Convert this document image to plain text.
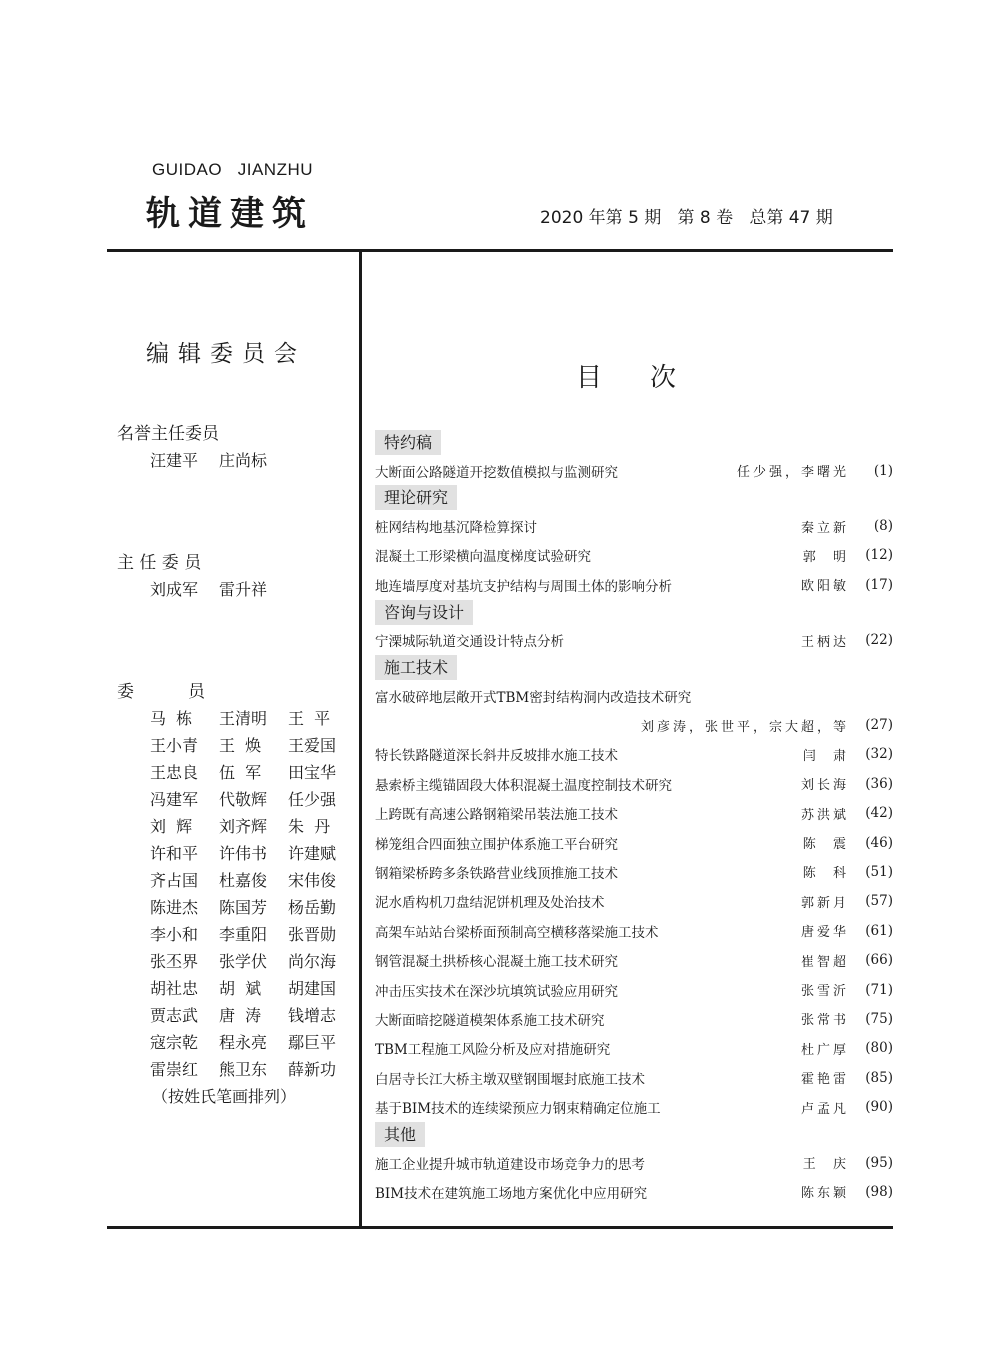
GUIDAO   JIANZHU
轨道建筑	2020 年第 5 期   第 8 卷   总第 47 期
编辑委员会
名誉主任委员
汪建平	庄尚标
主 任 委 员
刘成军	雷升祥
委          员
马  栋	王清明	王  平
王小青	王  焕	王爱国
王忠良	伍  军	田宝华
冯建军	代敬辉	任少强
刘  辉	刘齐辉	朱  丹
许和平	许伟书	许建赋
齐占国	杜嘉俊	宋伟俊
陈进杰	陈国芳	杨岳勤
李小和	李重阳	张晋勋
张丕界	张学伏	尚尔海
胡社忠	胡  斌	胡建国
贾志武	唐  涛	钱增志
寇宗乾	程永亮	鄢巨平
雷崇红	熊卫东	薛新功
（按姓氏笔画排列）
目次
特约稿
大断面公路隧道开挖数值模拟与监测研究	任少强，李曙光	(1)
理论研究
桩网结构地基沉降检算探讨	秦立新	(8)
混凝土工形梁横向温度梯度试验研究	郭  明	(12)
地连墙厚度对基坑支护结构与周围土体的影响分析	欧阳敏	(17)
咨询与设计
宁溧城际轨道交通设计特点分析	王柄达	(22)
施工技术
富水破碎地层敞开式TBM密封结构洞内改造技术研究
刘彦涛，张世平，宗大超，等	(27)
特长铁路隧道深长斜井反坡排水施工技术	闫  肃	(32)
悬索桥主缆锚固段大体积混凝土温度控制技术研究	刘长海	(36)
上跨既有高速公路钢箱梁吊装法施工技术	苏洪斌	(42)
梯笼组合四面独立围护体系施工平台研究	陈  震	(46)
钢箱梁桥跨多条铁路营业线顶推施工技术	陈  科	(51)
泥水盾构机刀盘结泥饼机理及处治技术	郭新月	(57)
高架车站站台梁桥面预制高空横移落梁施工技术	唐爱华	(61)
钢管混凝土拱桥核心混凝土施工技术研究	崔智超	(66)
冲击压实技术在深沙坑填筑试验应用研究	张雪沂	(71)
大断面暗挖隧道模架体系施工技术研究	张常书	(75)
TBM工程施工风险分析及应对措施研究	杜广厚	(80)
白居寺长江大桥主墩双壁钢围堰封底施工技术	霍艳雷	(85)
基于BIM技术的连续梁预应力钢束精确定位施工	卢孟凡	(90)
其他
施工企业提升城市轨道建设市场竞争力的思考	王  庆	(95)
BIM技术在建筑施工场地方案优化中应用研究	陈东颖	(98)
